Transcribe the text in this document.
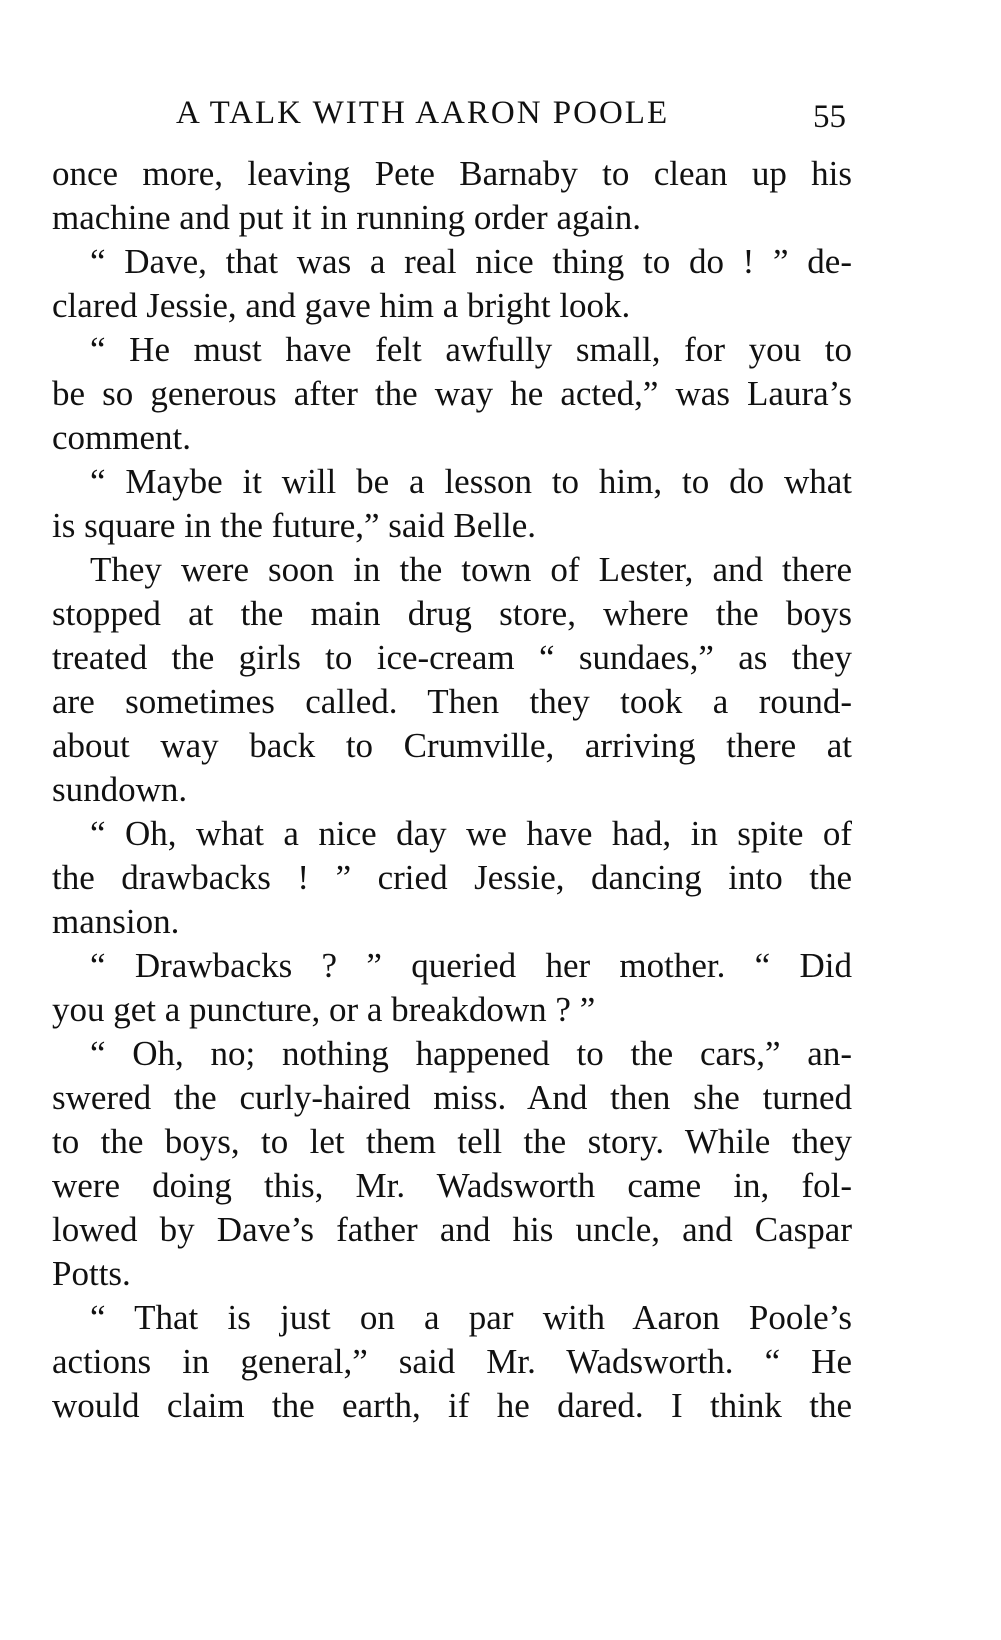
A TALK WITH AARON POOLE	55
once more, leaving Pete Barnaby to clean up his
machine and put it in running order again.
“ Dave, that was a real nice thing to do ! ” de-
clared Jessie, and gave him a bright look.
“ He must have felt awfully small, for you to
be so generous after the way he acted,” was Laura’s
comment.
“ Maybe it will be a lesson to him, to do what
is square in the future,” said Belle.
They were soon in the town of Lester, and there
stopped at the main drug store, where the boys
treated the girls to ice-cream “ sundaes,” as they
are sometimes called. Then they took a round-
about way back to Crumville, arriving there at
sundown.
“ Oh, what a nice day we have had, in spite of
the drawbacks ! ” cried Jessie, dancing into the
mansion.
“ Drawbacks ? ” queried her mother. “ Did
you get a puncture, or a breakdown ? ”
“ Oh, no; nothing happened to the cars,” an-
swered the curly-haired miss. And then she turned
to the boys, to let them tell the story. While they
were doing this, Mr. Wadsworth came in, fol-
lowed by Dave’s father and his uncle, and Caspar
Potts.
“ That is just on a par with Aaron Poole’s
actions in general,” said Mr. Wadsworth. “ He
would claim the earth, if he dared. I think the
